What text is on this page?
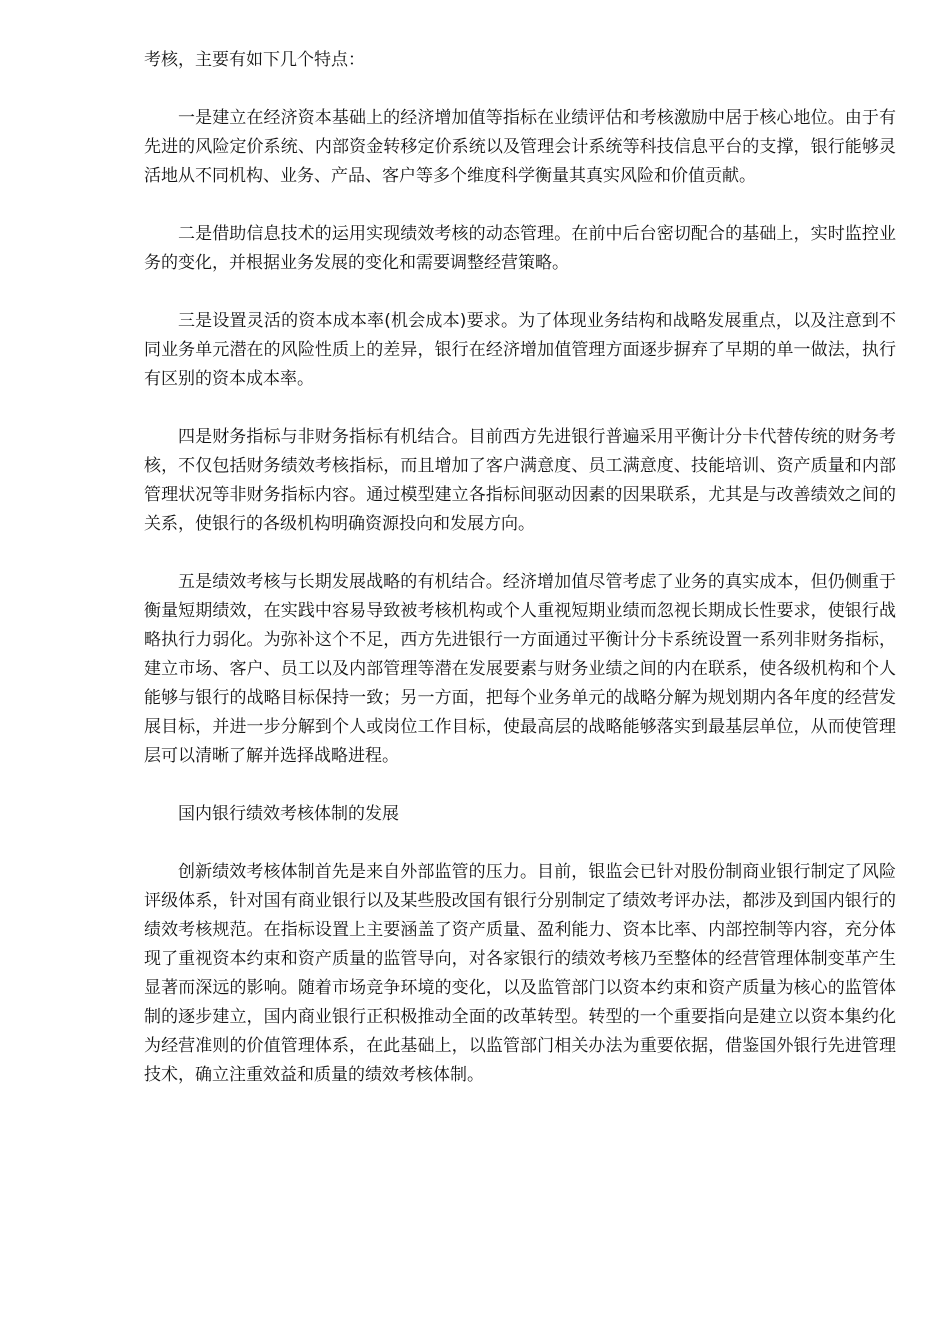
考核，主要有如下几个特点：

一是建立在经济资本基础上的经济增加值等指标在业绩评估和考核激励中居于核心地位。由于有先进的风险定价系统、内部资金转移定价系统以及管理会计系统等科技信息平台的支撑，银行能够灵活地从不同机构、业务、产品、客户等多个维度科学衡量其真实风险和价值贡献。

二是借助信息技术的运用实现绩效考核的动态管理。在前中后台密切配合的基础上，实时监控业务的变化，并根据业务发展的变化和需要调整经营策略。

三是设置灵活的资本成本率(机会成本)要求。为了体现业务结构和战略发展重点，以及注意到不同业务单元潜在的风险性质上的差异，银行在经济增加值管理方面逐步摒弃了早期的单一做法，执行有区别的资本成本率。

四是财务指标与非财务指标有机结合。目前西方先进银行普遍采用平衡计分卡代替传统的财务考核，不仅包括财务绩效考核指标，而且增加了客户满意度、员工满意度、技能培训、资产质量和内部管理状况等非财务指标内容。通过模型建立各指标间驱动因素的因果联系，尤其是与改善绩效之间的关系，使银行的各级机构明确资源投向和发展方向。

五是绩效考核与长期发展战略的有机结合。经济增加值尽管考虑了业务的真实成本，但仍侧重于衡量短期绩效，在实践中容易导致被考核机构或个人重视短期业绩而忽视长期成长性要求，使银行战略执行力弱化。为弥补这个不足，西方先进银行一方面通过平衡计分卡系统设置一系列非财务指标，建立市场、客户、员工以及内部管理等潜在发展要素与财务业绩之间的内在联系，使各级机构和个人能够与银行的战略目标保持一致；另一方面，把每个业务单元的战略分解为规划期内各年度的经营发展目标，并进一步分解到个人或岗位工作目标，使最高层的战略能够落实到最基层单位，从而使管理层可以清晰了解并选择战略进程。

国内银行绩效考核体制的发展

创新绩效考核体制首先是来自外部监管的压力。目前，银监会已针对股份制商业银行制定了风险评级体系，针对国有商业银行以及某些股改国有银行分别制定了绩效考评办法，都涉及到国内银行的绩效考核规范。在指标设置上主要涵盖了资产质量、盈利能力、资本比率、内部控制等内容，充分体现了重视资本约束和资产质量的监管导向，对各家银行的绩效考核乃至整体的经营管理体制变革产生显著而深远的影响。随着市场竞争环境的变化，以及监管部门以资本约束和资产质量为核心的监管体制的逐步建立，国内商业银行正积极推动全面的改革转型。转型的一个重要指向是建立以资本集约化为经营准则的价值管理体系，在此基础上，以监管部门相关办法为重要依据，借鉴国外银行先进管理技术，确立注重效益和质量的绩效考核体制。
